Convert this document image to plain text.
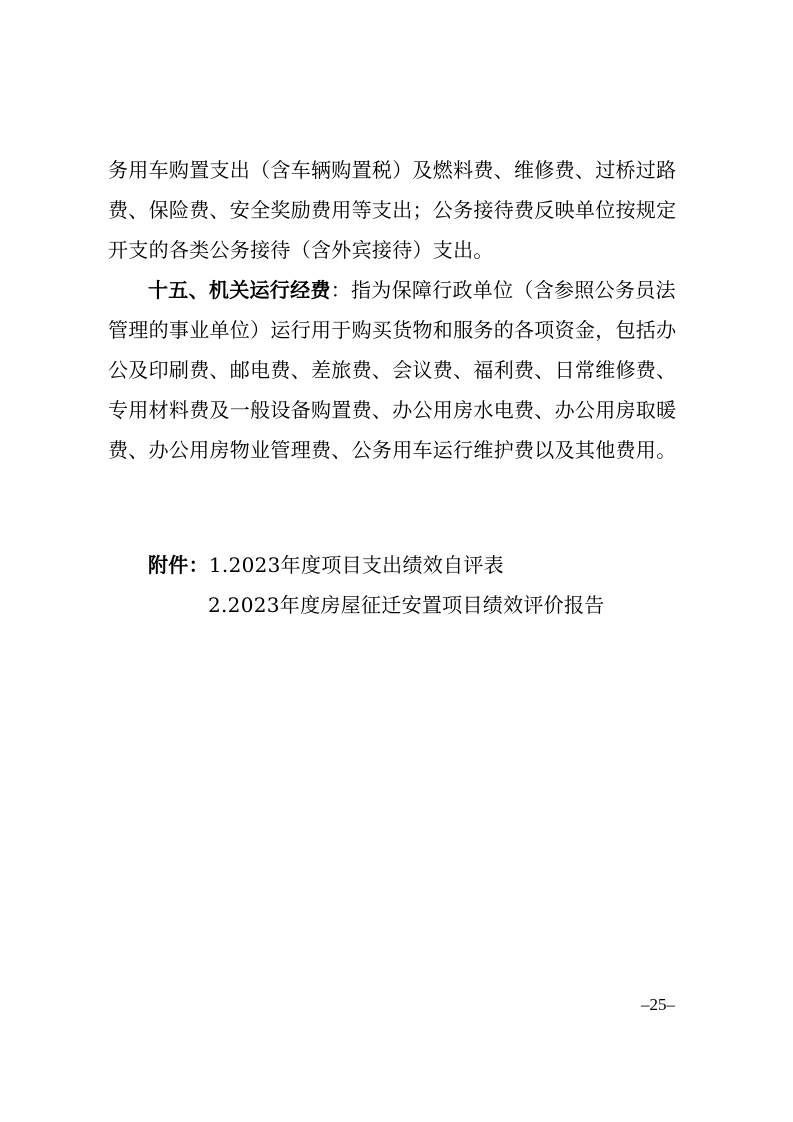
务用车购置支出（含车辆购置税）及燃料费、维修费、过桥过路
费、保险费、安全奖励费用等支出；公务接待费反映单位按规定
开支的各类公务接待（含外宾接待）支出。
十五、机关运行经费：指为保障行政单位（含参照公务员法
管理的事业单位）运行用于购买货物和服务的各项资金，包括办
公及印刷费、邮电费、差旅费、会议费、福利费、日常维修费、
专用材料费及一般设备购置费、办公用房水电费、办公用房取暖
费、办公用房物业管理费、公务用车运行维护费以及其他费用。
附件：1.2023年度项目支出绩效自评表
2.2023年度房屋征迁安置项目绩效评价报告
–25–
